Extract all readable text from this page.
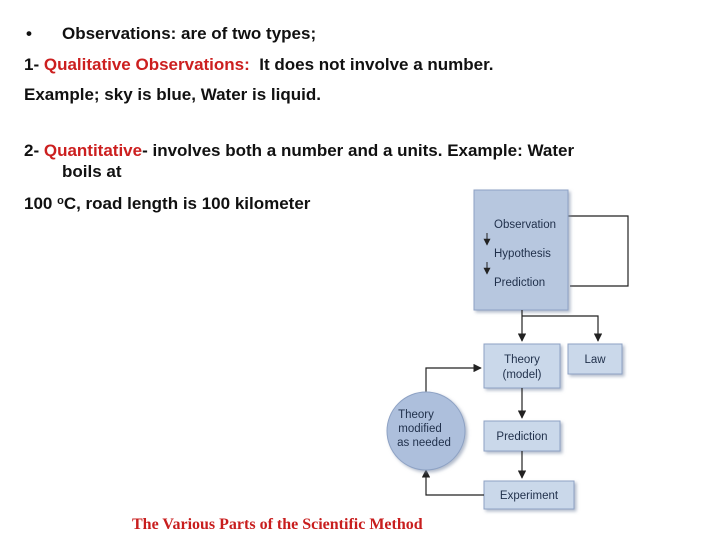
• Observations: are of two types;
1- Qualitative Observations:  It does not involve a number.
Example; sky is blue, Water is liquid.
2- Quantitative- involves both a number and a units. Example: Water
boils at
100 $^o$C, road length is 100 kilometer
Observation
Hypothesis
Prediction
Theory
(model)
Law
Prediction
Experiment
Theory
modified
as needed
The Various Parts of the Scientific Method
